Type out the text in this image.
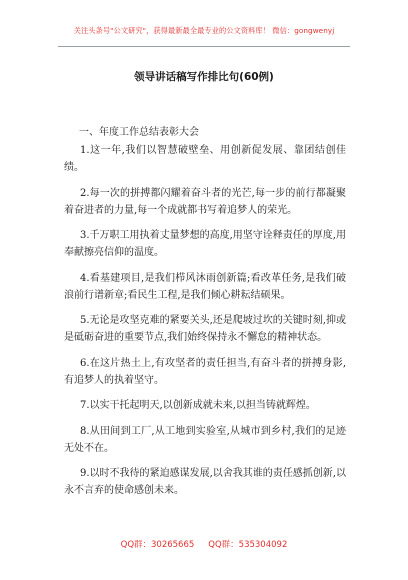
关注头条号"公文研究"，获得最新最全最专业的公文资料库！ 微信：gongwenyj
领导讲话稿写作排比句(60例)
一、年度工作总结表彰大会
1.这一年,我们以智慧破壁垒、用创新促发展、靠团结创佳绩。
2.每一次的拼搏都闪耀着奋斗者的光芒,每一步的前行都凝聚着奋进者的力量,每一个成就都书写着追梦人的荣光。
3.千万职工用执着丈量梦想的高度,用坚守诠释责任的厚度,用奉献擦亮信仰的温度。
4.看基建项目,是我们栉风沐雨创新篇;看改革任务,是我们破浪前行谱新章;看民生工程,是我们倾心耕耘结硕果。
5.无论是攻坚克难的紧要关头,还是爬坡过坎的关键时刻,抑或是砥砺奋进的重要节点,我们始终保持永不懈怠的精神状态。
6.在这片热土上,有攻坚者的责任担当,有奋斗者的拼搏身影,有追梦人的执着坚守。
7.以实干托起明天,以创新成就未来,以担当铸就辉煌。
8.从田间到工厂,从工地到实验室,从城市到乡村,我们的足迹无处不在。
9.以时不我待的紧迫感谋发展,以舍我其谁的责任感抓创新,以永不言弃的使命感创未来。
QQ群：30265665 QQ群：535304092
